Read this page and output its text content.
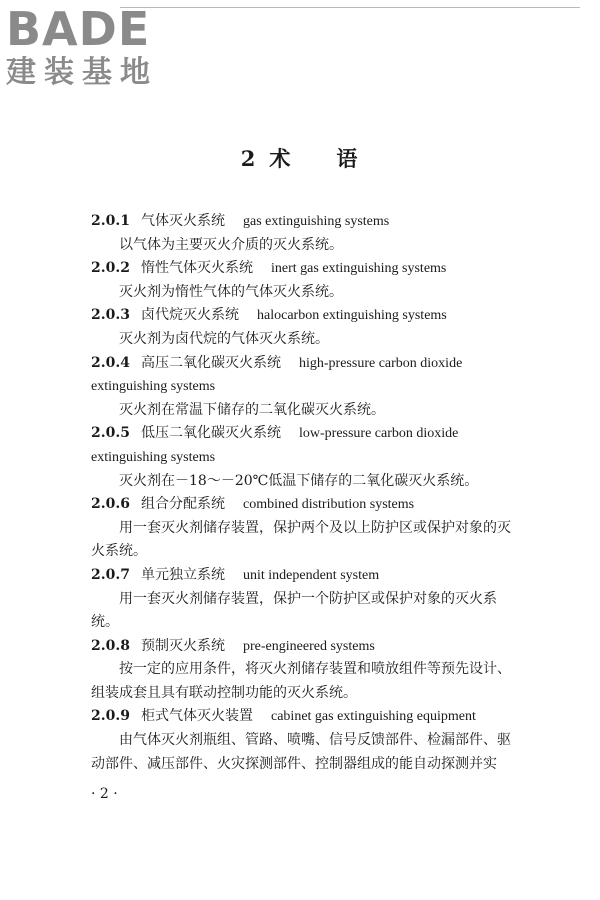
BADE
建装基地
2 术 语
2.0.1 气体灭火系统 gas extinguishing systems
以气体为主要灭火介质的灭火系统。
2.0.2 惰性气体灭火系统 inert gas extinguishing systems
灭火剂为惰性气体的气体灭火系统。
2.0.3 卤代烷灭火系统 halocarbon extinguishing systems
灭火剂为卤代烷的气体灭火系统。
2.0.4 高压二氧化碳灭火系统 high-pressure carbon dioxide
extinguishing systems
灭火剂在常温下储存的二氧化碳灭火系统。
2.0.5 低压二氧化碳灭火系统 low-pressure carbon dioxide
extinguishing systems
灭火剂在－18～－20℃低温下储存的二氧化碳灭火系统。
2.0.6 组合分配系统 combined distribution systems
用一套灭火剂储存装置，保护两个及以上防护区或保护对象的灭火系统。
2.0.7 单元独立系统 unit independent system
用一套灭火剂储存装置，保护一个防护区或保护对象的灭火系统。
2.0.8 预制灭火系统 pre-engineered systems
按一定的应用条件，将灭火剂储存装置和喷放组件等预先设计、组装成套且具有联动控制功能的灭火系统。
2.0.9 柜式气体灭火装置 cabinet gas extinguishing equipment
由气体灭火剂瓶组、管路、喷嘴、信号反馈部件、检漏部件、驱动部件、减压部件、火灾探测部件、控制器组成的能自动探测并实
· 2 ·
